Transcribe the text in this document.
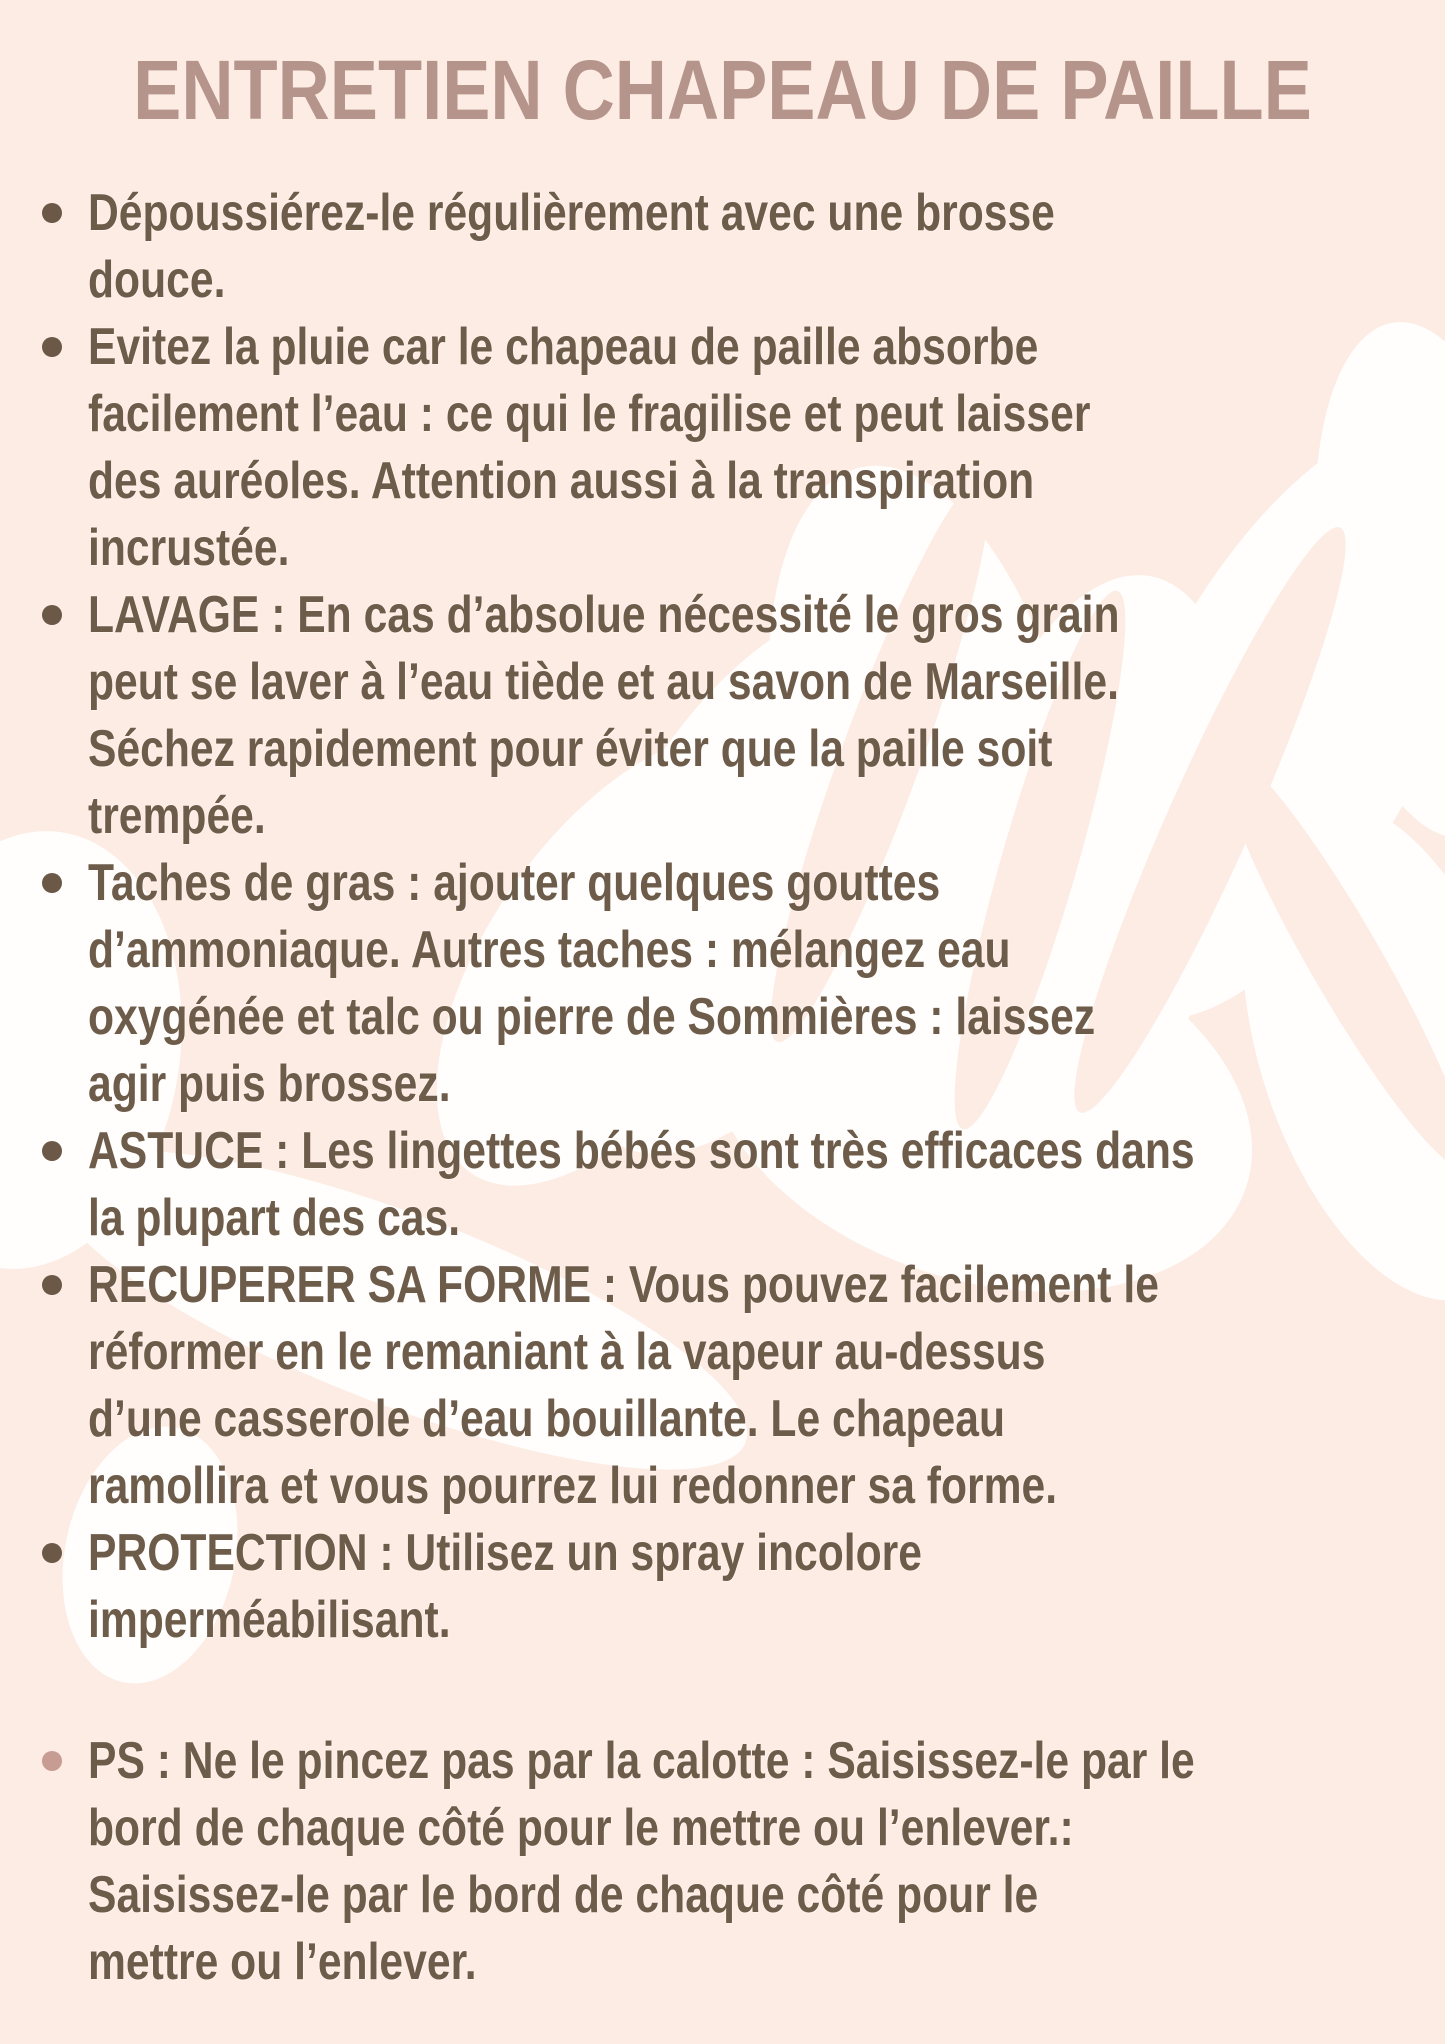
ENTRETIEN CHAPEAU DE PAILLE
Dépoussiérez-le régulièrement avec une brosse
douce.
Evitez la pluie car le chapeau de paille absorbe
facilement l’eau : ce qui le fragilise et peut laisser
des auréoles. Attention aussi à la transpiration
incrustée.
LAVAGE : En cas d’absolue nécessité le gros grain
peut se laver à l’eau tiède et au savon de Marseille.
Séchez rapidement pour éviter que la paille soit
trempée.
Taches de gras : ajouter quelques gouttes
d’ammoniaque. Autres taches : mélangez eau
oxygénée et talc ou pierre de Sommières : laissez
agir puis brossez.
ASTUCE : Les lingettes bébés sont très efficaces dans
la plupart des cas.
RECUPERER SA FORME : Vous pouvez facilement le
réformer en le remaniant à la vapeur au-dessus
d’une casserole d’eau bouillante. Le chapeau
ramollira et vous pourrez lui redonner sa forme.
PROTECTION : Utilisez un spray incolore
imperméabilisant.
PS : Ne le pincez pas par la calotte : Saisissez-le par le
bord de chaque côté pour le mettre ou l’enlever.:
Saisissez-le par le bord de chaque côté pour le
mettre ou l’enlever.
